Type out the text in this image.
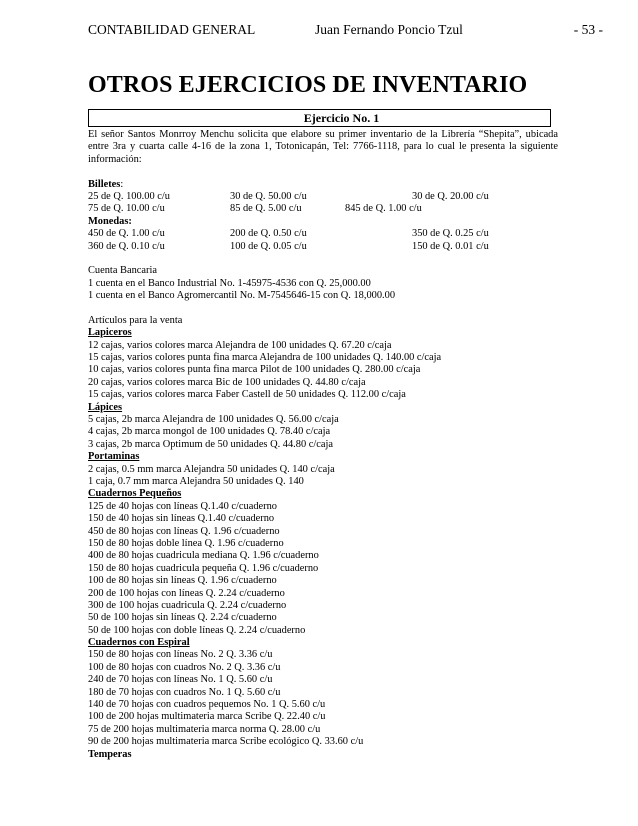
CONTABILIDAD GENERAL	Juan Fernando Poncio Tzul	- 53 -
OTROS EJERCICIOS DE INVENTARIO
Ejercicio No. 1

El señor Santos Monrroy Menchu solicita que elabore su primer inventario de la Librería “Shepita”, ubicada entre 3ra y cuarta calle 4-16 de la zona 1, Totonicapán, Tel: 7766-1118, para lo cual le presenta la siguiente información:

Billetes:
25 de Q. 100.00 c/u	30 de Q. 50.00 c/u	30 de Q. 20.00 c/u
75 de Q. 10.00 c/u	85 de Q. 5.00 c/u	845 de Q. 1.00 c/u
Monedas:
450 de Q. 1.00 c/u	200 de Q. 0.50 c/u	350 de Q. 0.25 c/u
360 de Q. 0.10 c/u	100 de Q. 0.05 c/u	150 de Q. 0.01 c/u
Cuenta Bancaria
1 cuenta en el Banco Industrial No. 1-45975-4536 con Q. 25,000.00
1 cuenta en el Banco Agromercantil No. M-7545646-15 con Q. 18,000.00
Artículos para la venta
Lapiceros
12 cajas, varios colores marca Alejandra de 100 unidades Q. 67.20 c/caja
15 cajas, varios colores punta fina marca Alejandra de 100 unidades Q. 140.00 c/caja
10 cajas, varios colores punta fina marca Pilot de 100 unidades Q. 280.00 c/caja
20 cajas, varios colores marca Bic de 100 unidades Q. 44.80 c/caja
15 cajas, varios colores marca Faber Castell de 50 unidades Q. 112.00 c/caja
Lápices
5 cajas, 2b marca Alejandra de 100 unidades Q. 56.00 c/caja
4 cajas, 2b marca mongol de 100 unidades Q. 78.40 c/caja
3 cajas, 2b marca Optimum de 50 unidades Q. 44.80 c/caja
Portaminas
2 cajas, 0.5 mm marca Alejandra 50 unidades Q. 140 c/caja
1 caja, 0.7 mm marca Alejandra 50 unidades Q. 140
Cuadernos Pequeños
125 de 40 hojas con líneas Q.1.40 c/cuaderno
150 de 40 hojas sin líneas Q.1.40 c/cuaderno
450 de 80 hojas con líneas Q. 1.96 c/cuaderno
150 de 80 hojas doble línea Q. 1.96 c/cuaderno
400 de 80 hojas cuadricula mediana Q. 1.96 c/cuaderno
150 de 80 hojas cuadricula pequeña Q. 1.96 c/cuaderno
100 de 80 hojas sin líneas Q. 1.96 c/cuaderno
200 de 100 hojas con líneas Q. 2.24 c/cuaderno
300 de 100 hojas cuadricula Q. 2.24 c/cuaderno
50 de 100 hojas sin líneas Q. 2.24 c/cuaderno
50 de 100 hojas con doble líneas Q. 2.24 c/cuaderno
Cuadernos con Espiral
150 de 80 hojas con líneas No. 2 Q. 3.36 c/u
100 de 80 hojas con cuadros No. 2 Q. 3.36 c/u
240 de 70 hojas con líneas No. 1 Q. 5.60 c/u
180 de 70 hojas con cuadros No. 1 Q. 5.60 c/u
140 de 70 hojas con cuadros pequemos No. 1 Q. 5.60 c/u
100 de 200 hojas multimateria marca Scribe Q. 22.40 c/u
75 de 200 hojas multimateria marca norma Q. 28.00 c/u
90 de 200 hojas multimateria marca Scribe ecológico Q. 33.60 c/u
Temperas
